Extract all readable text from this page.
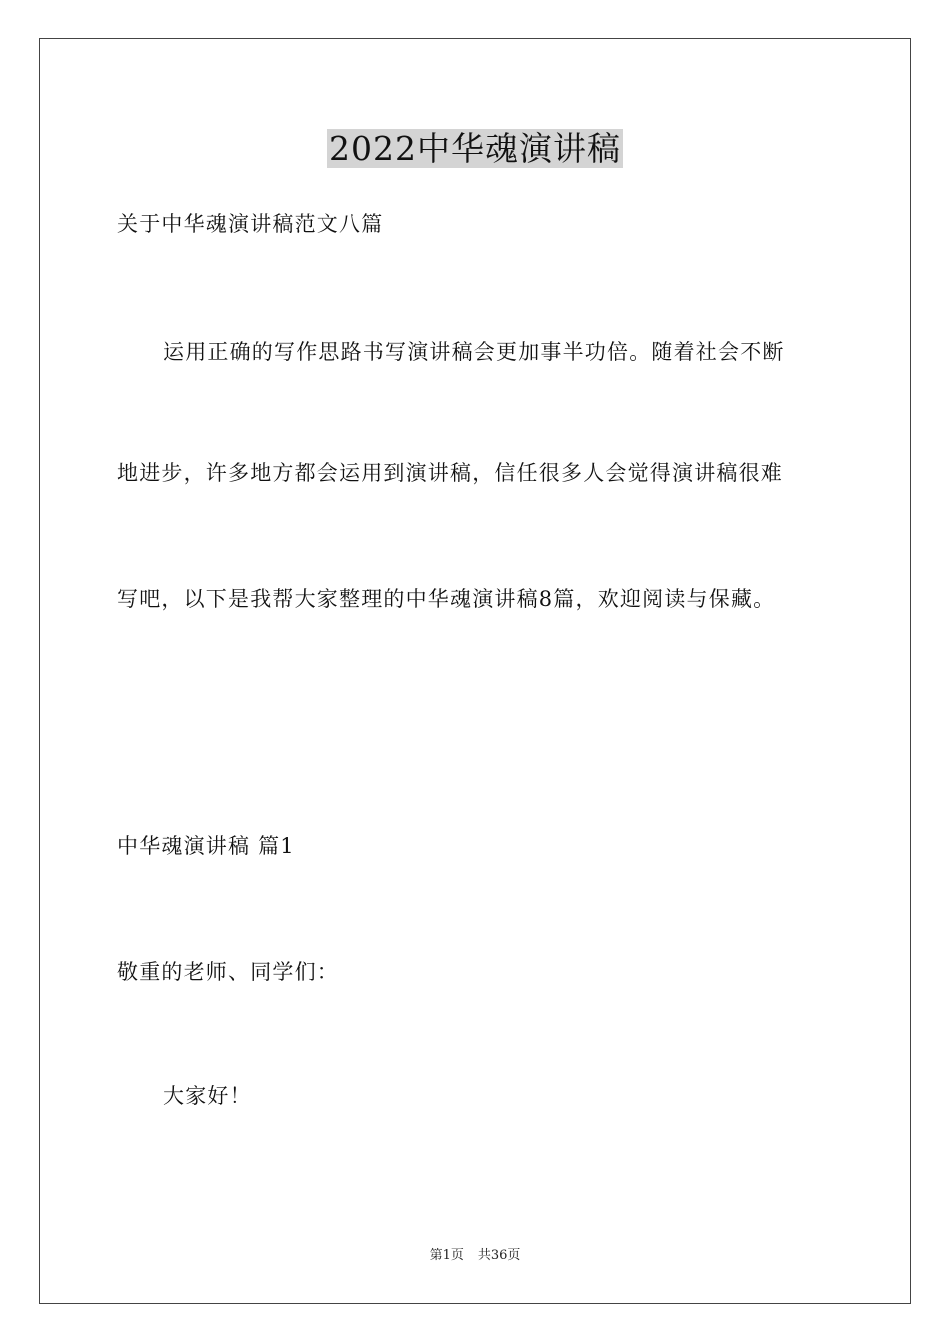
2022中华魂演讲稿
关于中华魂演讲稿范文八篇
运用正确的写作思路书写演讲稿会更加事半功倍。随着社会不断
地进步，许多地方都会运用到演讲稿，信任很多人会觉得演讲稿很难
写吧，以下是我帮大家整理的中华魂演讲稿8篇，欢迎阅读与保藏。
中华魂演讲稿 篇1
敬重的老师、同学们：
大家好！
第1页 共36页
